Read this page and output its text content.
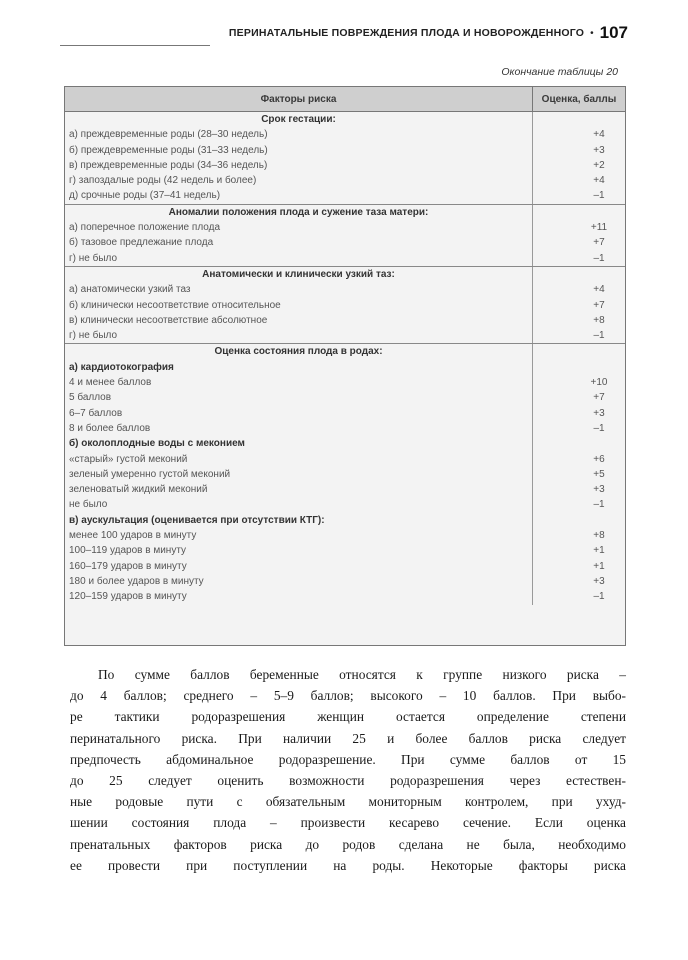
ПЕРИНАТАЛЬНЫЕ ПОВРЕЖДЕНИЯ ПЛОДА И НОВОРОЖДЕННОГО • 107
Окончание таблицы 20
Факторы риска	Оценка, баллы
Срок гестации:
а) преждевременные роды (28–30 недель)	+4
б) преждевременные роды (31–33 недель)	+3
в) преждевременные роды (34–36 недель)	+2
г) запоздалые роды (42 недель и более)	+4
д) срочные роды (37–41 недель)	–1
Аномалии положения плода и сужение таза матери:
а) поперечное положение плода	+11
б) тазовое предлежание плода	+7
г) не было	–1
Анатомически и клинически узкий таз:
а) анатомически узкий таз	+4
б) клинически несоответствие относительное	+7
в) клинически несоответствие абсолютное	+8
г) не было	–1
Оценка состояния плода в родах:
а) кардиотокография
4 и менее баллов	+10
5 баллов	+7
6–7 баллов	+3
8 и более баллов	–1
б) околоплодные воды с меконием
«старый» густой меконий	+6
зеленый умеренно густой меконий	+5
зеленоватый жидкий меконий	+3
не было	–1
в) аускультация (оценивается при отсутствии КТГ):
менее 100 ударов в минуту	+8
100–119 ударов в минуту	+1
160–179 ударов в минуту	+1
180 и более ударов в минуту	+3
120–159 ударов в минуту	–1
По сумме баллов беременные относятся к группе низкого риска –
до 4 баллов; среднего – 5–9 баллов; высокого – 10 баллов. При выбо-
ре тактики родоразрешения женщин остается определение степени
перинатального риска. При наличии 25 и более баллов риска следует
предпочесть абдоминальное родоразрешение. При сумме баллов от 15
до 25 следует оценить возможности родоразрешения через естествен-
ные родовые пути с обязательным мониторным контролем, при ухуд-
шении состояния плода – произвести кесарево сечение. Если оценка
пренатальных факторов риска до родов сделана не была, необходимо
ее провести при поступлении на роды. Некоторые факторы риска
